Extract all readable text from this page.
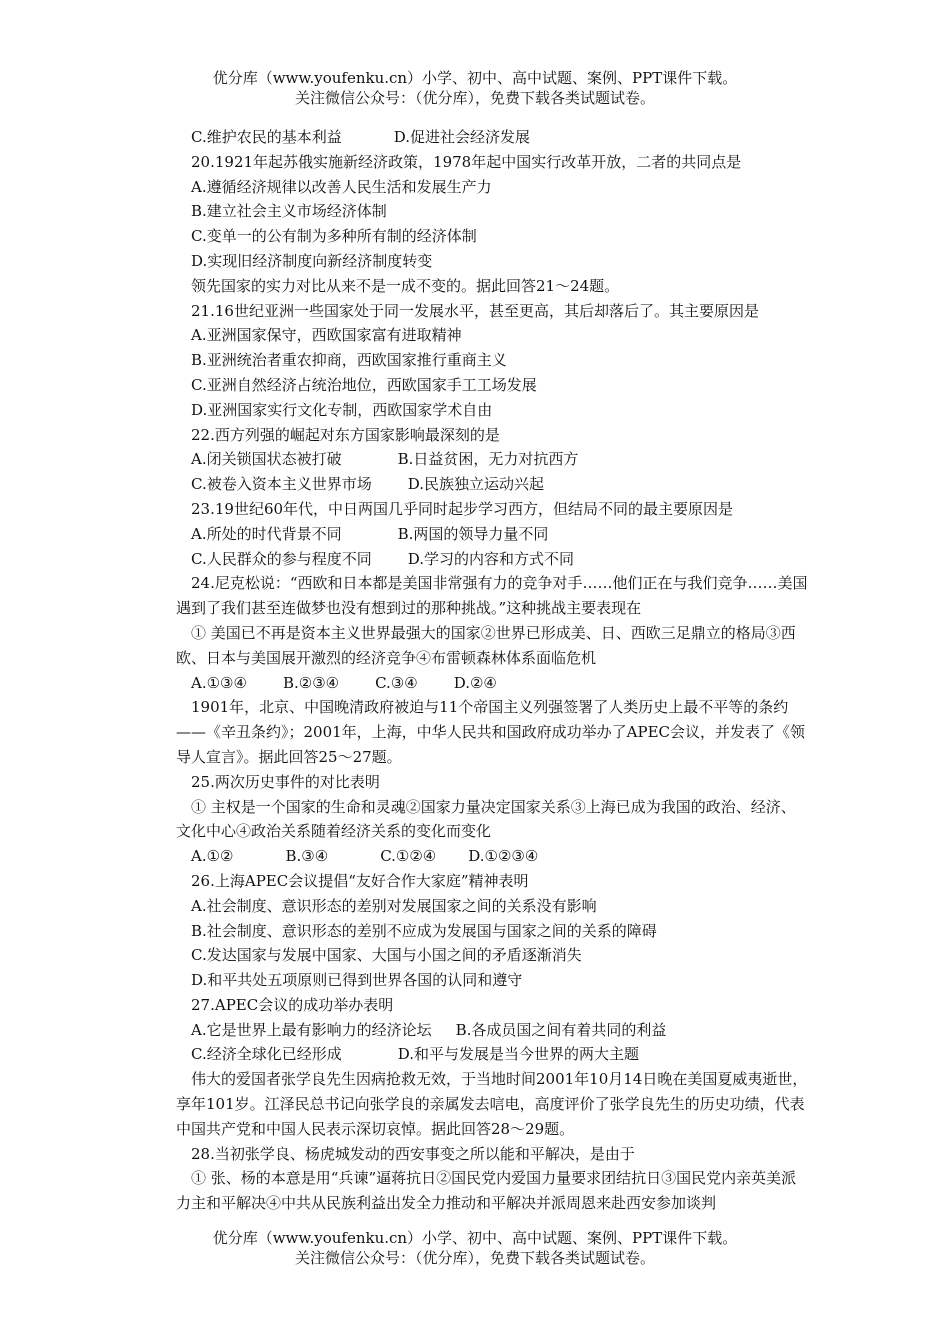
优分库（www.youfenku.cn）小学、初中、高中试题、案例、PPT课件下载。
关注微信公众号：（优分库），免费下载各类试题试卷。

C.维护农民的基本利益	D.促进社会经济发展

20.1921年起苏俄实施新经济政策，1978年起中国实行改革开放，二者的共同点是

A.遵循经济规律以改善人民生活和发展生产力

B.建立社会主义市场经济体制

C.变单一的公有制为多种所有制的经济体制

D.实现旧经济制度向新经济制度转变

领先国家的实力对比从来不是一成不变的。据此回答21～24题。

21.16世纪亚洲一些国家处于同一发展水平，甚至更高，其后却落后了。其主要原因是

A.亚洲国家保守，西欧国家富有进取精神

B.亚洲统治者重农抑商，西欧国家推行重商主义

C.亚洲自然经济占统治地位，西欧国家手工工场发展

D.亚洲国家实行文化专制，西欧国家学术自由

22.西方列强的崛起对东方国家影响最深刻的是

A.闭关锁国状态被打破	B.日益贫困，无力对抗西方

C.被卷入资本主义世界市场 D.民族独立运动兴起

23.19世纪60年代，中日两国几乎同时起步学习西方，但结局不同的最主要原因是

A.所处的时代背景不同	B.两国的领导力量不同

C.人民群众的参与程度不同 D.学习的内容和方式不同

24.尼克松说：“西欧和日本都是美国非常强有力的竞争对手……他们正在与我们竞争……美国遇到了我们甚至连做梦也没有想到过的那种挑战。”这种挑战主要表现在

① 美国已不再是资本主义世界最强大的国家②世界已形成美、日、西欧三足鼎立的格局③西欧、日本与美国展开激烈的经济竞争④布雷顿森林体系面临危机

A.①③④ B.②③④ C.③④ D.②④

1901年，北京、中国晚清政府被迫与11个帝国主义列强签署了人类历史上最不平等的条约——《辛丑条约》；2001年，上海，中华人民共和国政府成功举办了APEC会议，并发表了《领导人宣言》。据此回答25～27题。

25.两次历史事件的对比表明

① 主权是一个国家的生命和灵魂②国家力量决定国家关系③上海已成为我国的政治、经济、文化中心④政治关系随着经济关系的变化而变化

A.①②	B.③④	C.①②④ D.①②③④

26.上海APEC会议提倡“友好合作大家庭”精神表明

A.社会制度、意识形态的差别对发展国家之间的关系没有影响

B.社会制度、意识形态的差别不应成为发展国与国家之间的关系的障碍

C.发达国家与发展中国家、大国与小国之间的矛盾逐渐消失

D.和平共处五项原则已得到世界各国的认同和遵守

27.APEC会议的成功举办表明

A.它是世界上最有影响力的经济论坛 B.各成员国之间有着共同的利益

C.经济全球化已经形成	D.和平与发展是当今世界的两大主题

伟大的爱国者张学良先生因病抢救无效，于当地时间2001年10月14日晚在美国夏威夷逝世，享年101岁。江泽民总书记向张学良的亲属发去唁电，高度评价了张学良先生的历史功绩，代表中国共产党和中国人民表示深切哀悼。据此回答28～29题。

28.当初张学良、杨虎城发动的西安事变之所以能和平解决，是由于

① 张、杨的本意是用“兵谏”逼蒋抗日②国民党内爱国力量要求团结抗日③国民党内亲英美派力主和平解决④中共从民族利益出发全力推动和平解决并派周恩来赴西安参加谈判

优分库（www.youfenku.cn）小学、初中、高中试题、案例、PPT课件下载。
关注微信公众号：（优分库），免费下载各类试题试卷。
